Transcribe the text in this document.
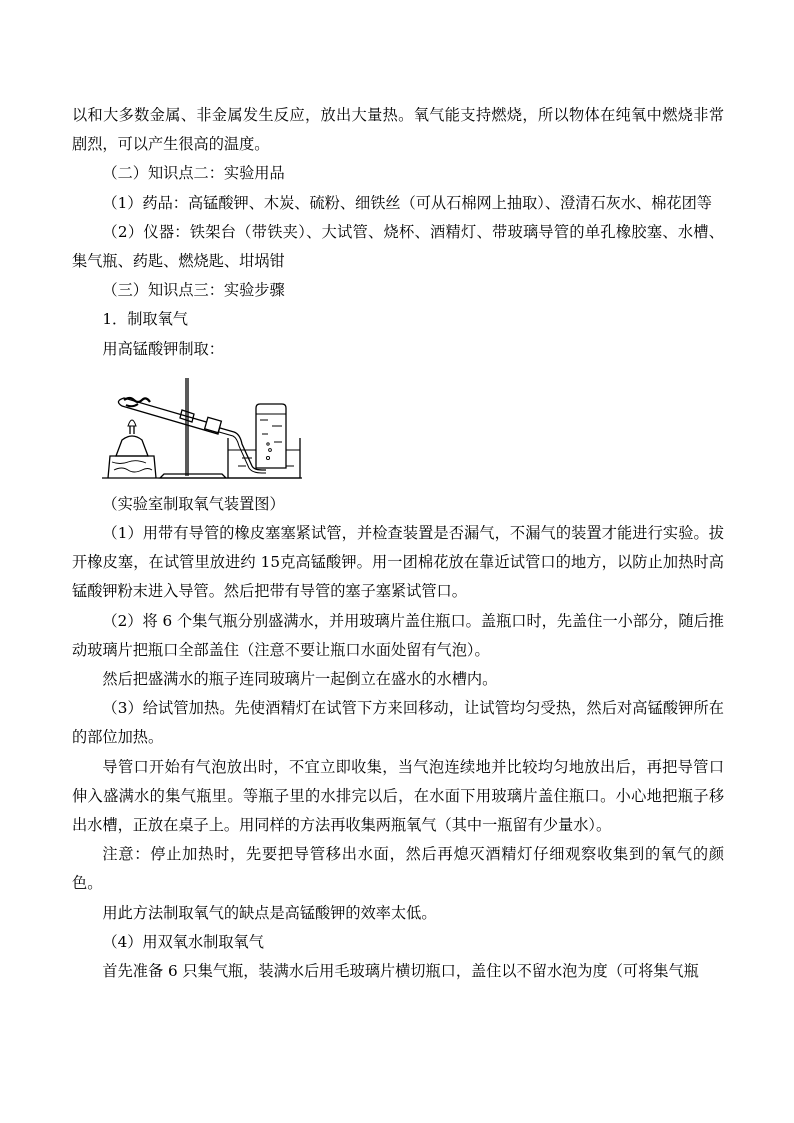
以和大多数金属、非金属发生反应，放出大量热。氧气能支持燃烧，所以物体在纯氧中燃烧非常剧烈，可以产生很高的温度。

（二）知识点二：实验用品

（1）药品：高锰酸钾、木炭、硫粉、细铁丝（可从石棉网上抽取）、澄清石灰水、棉花团等

（2）仪器：铁架台（带铁夹）、大试管、烧杯、酒精灯、带玻璃导管的单孔橡胶塞、水槽、集气瓶、药匙、燃烧匙、坩埚钳

（三）知识点三：实验步骤

1．制取氧气

用高锰酸钾制取：

（实验室制取氧气装置图）

（1）用带有导管的橡皮塞塞紧试管，并检查装置是否漏气，不漏气的装置才能进行实验。拔开橡皮塞，在试管里放进约 15克高锰酸钾。用一团棉花放在靠近试管口的地方，以防止加热时高锰酸钾粉末进入导管。然后把带有导管的塞子塞紧试管口。

（2）将 6 个集气瓶分别盛满水，并用玻璃片盖住瓶口。盖瓶口时，先盖住一小部分，随后推动玻璃片把瓶口全部盖住（注意不要让瓶口水面处留有气泡）。

然后把盛满水的瓶子连同玻璃片一起倒立在盛水的水槽内。

（3）给试管加热。先使酒精灯在试管下方来回移动，让试管均匀受热，然后对高锰酸钾所在的部位加热。

导管口开始有气泡放出时，不宜立即收集，当气泡连续地并比较均匀地放出后，再把导管口伸入盛满水的集气瓶里。等瓶子里的水排完以后，在水面下用玻璃片盖住瓶口。小心地把瓶子移出水槽，正放在桌子上。用同样的方法再收集两瓶氧气（其中一瓶留有少量水）。

注意：停止加热时，先要把导管移出水面，然后再熄灭酒精灯仔细观察收集到的氧气的颜色。

用此方法制取氧气的缺点是高锰酸钾的效率太低。

（4）用双氧水制取氧气

首先准备 6 只集气瓶，装满水后用毛玻璃片横切瓶口，盖住以不留水泡为度（可将集气瓶
